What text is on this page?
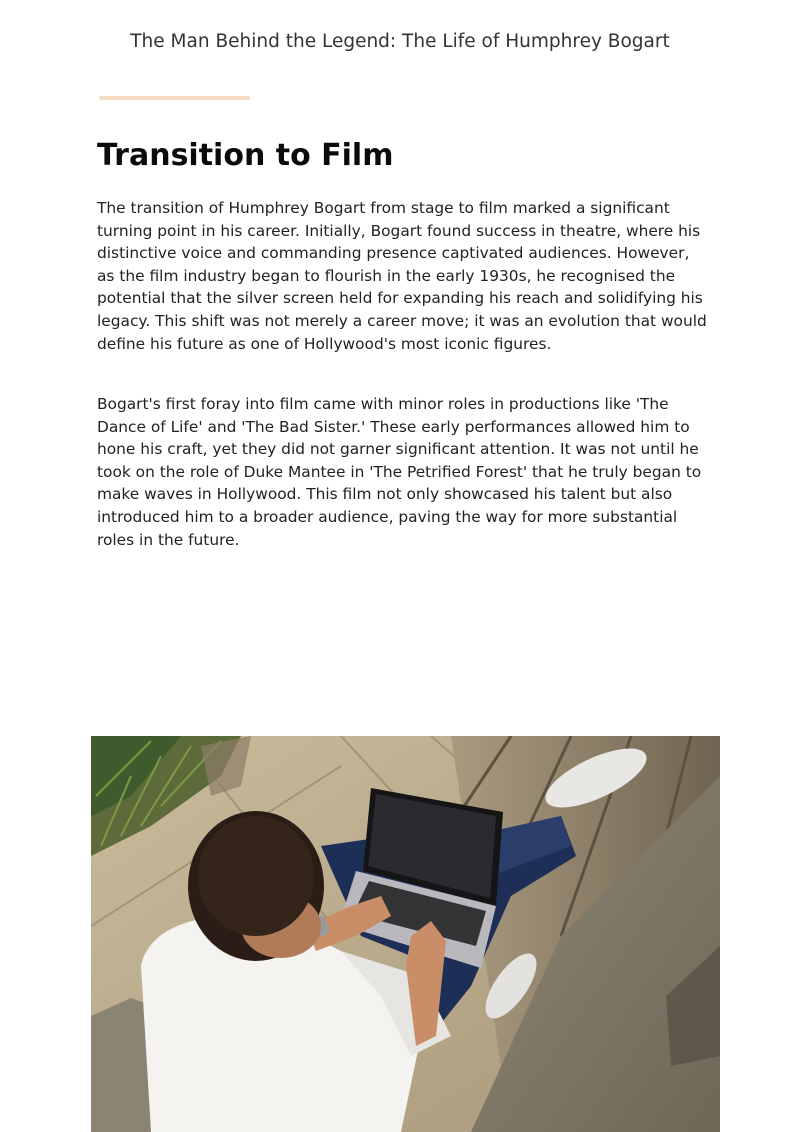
The Man Behind the Legend: The Life of Humphrey Bogart
Transition to Film

The transition of Humphrey Bogart from stage to film marked a significant turning point in his career. Initially, Bogart found success in theatre, where his distinctive voice and commanding presence captivated audiences. However, as the film industry began to flourish in the early 1930s, he recognised the potential that the silver screen held for expanding his reach and solidifying his legacy. This shift was not merely a career move; it was an evolution that would define his future as one of Hollywood's most iconic figures.

Bogart's first foray into film came with minor roles in productions like 'The Dance of Life' and 'The Bad Sister.' These early performances allowed him to hone his craft, yet they did not garner significant attention. It was not until he took on the role of Duke Mantee in 'The Petrified Forest' that he truly began to make waves in Hollywood. This film not only showcased his talent but also introduced him to a broader audience, paving the way for more substantial roles in the future.
